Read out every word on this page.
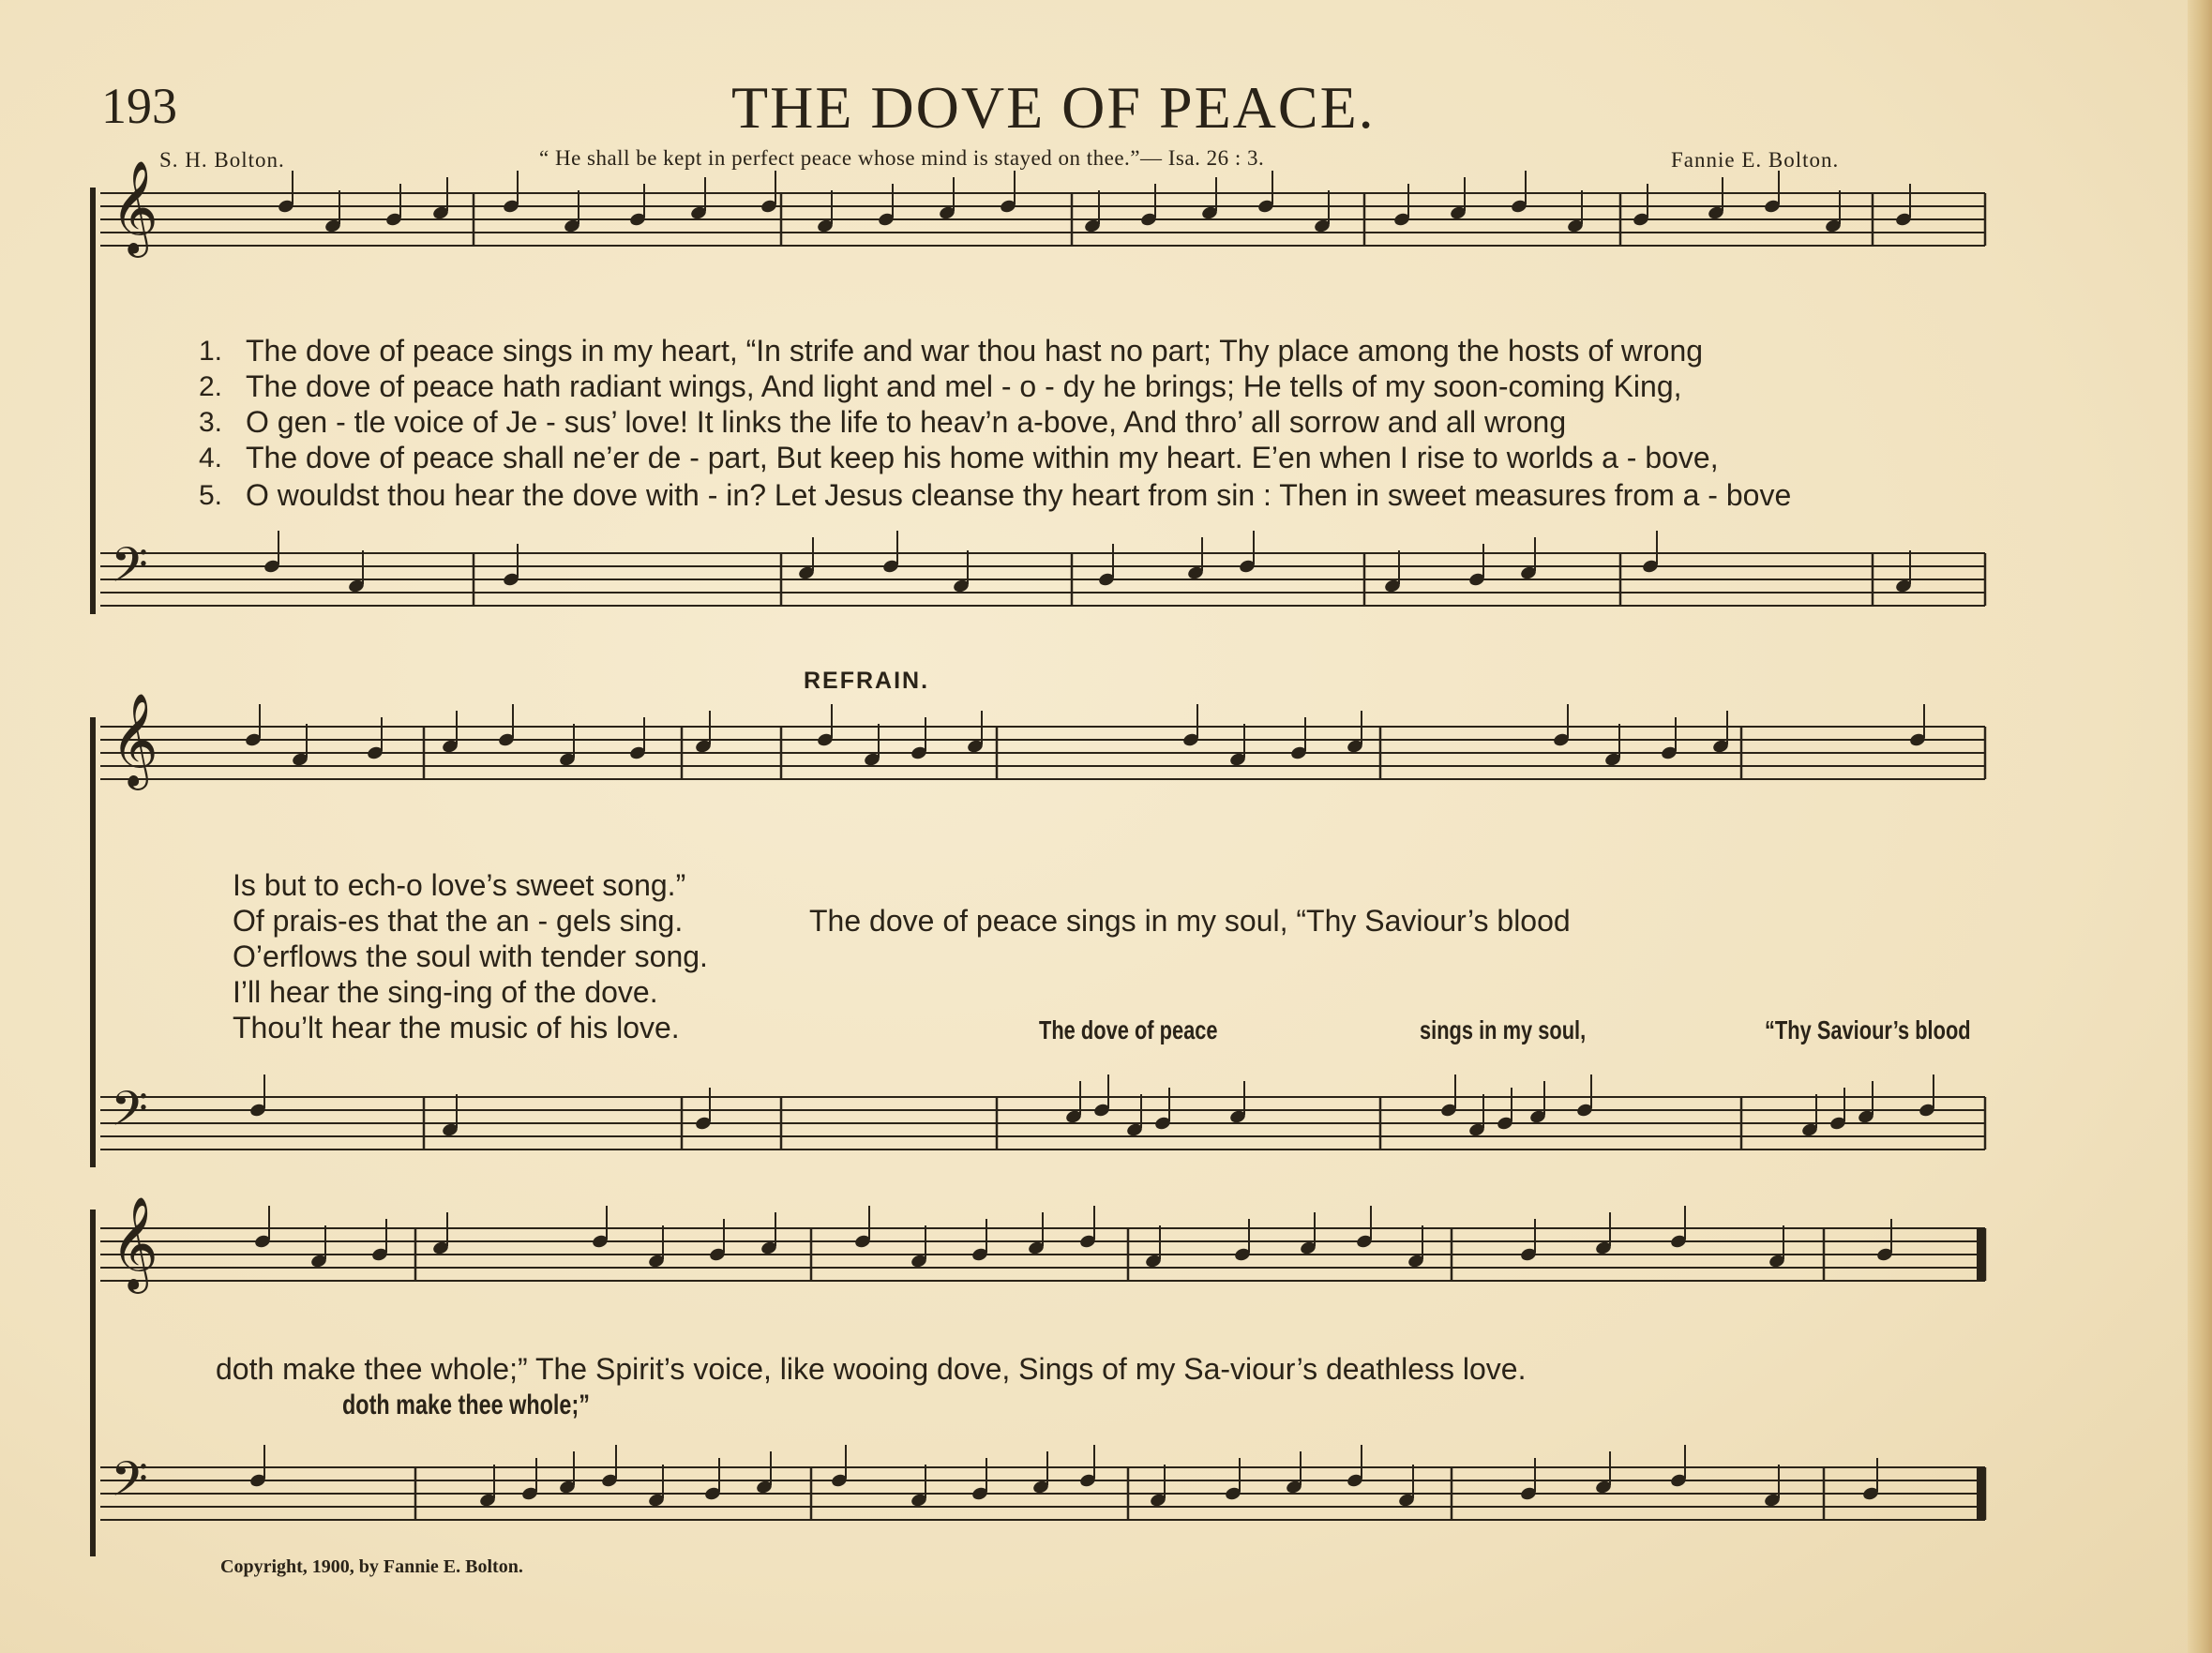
193	THE DOVE OF PEACE.
S. H. Bolton.	“ He shall be kept in perfect peace whose mind is stayed on thee.”— Isa. 26 : 3.	Fannie E. Bolton.
𝄞
𝄢
𝄞
𝄢
𝄞
𝄢
1. The dove of peace sings in my heart, “In strife and war thou hast no part; Thy place among the hosts of wrong
2. The dove of peace hath radiant wings, And light and mel - o - dy he brings; He tells of my soon-coming King,
3. O gen - tle voice of Je - sus’ love! It links the life to heav’n a-bove, And thro’ all sorrow and all wrong
4. The dove of peace shall ne’er de - part, But keep his home within my heart. E’en when I rise to worlds a - bove,
5. O wouldst thou hear the dove with - in? Let Jesus cleanse thy heart from sin : Then in sweet measures from a - bove
REFRAIN.
Is but to ech-o love’s sweet song.”
Of prais-es that the an - gels sing.
O’erflows the soul with tender song.
I’ll hear the sing-ing of the dove.
Thou’lt hear the music of his love.
The dove of peace sings in my soul, “Thy Saviour’s blood
The dove of peace	sings in my soul,	“Thy Saviour’s blood
doth make thee whole;” The Spirit’s voice, like wooing dove, Sings of my Sa-viour’s deathless love.
doth make thee whole;”
Copyright, 1900, by Fannie E. Bolton.
